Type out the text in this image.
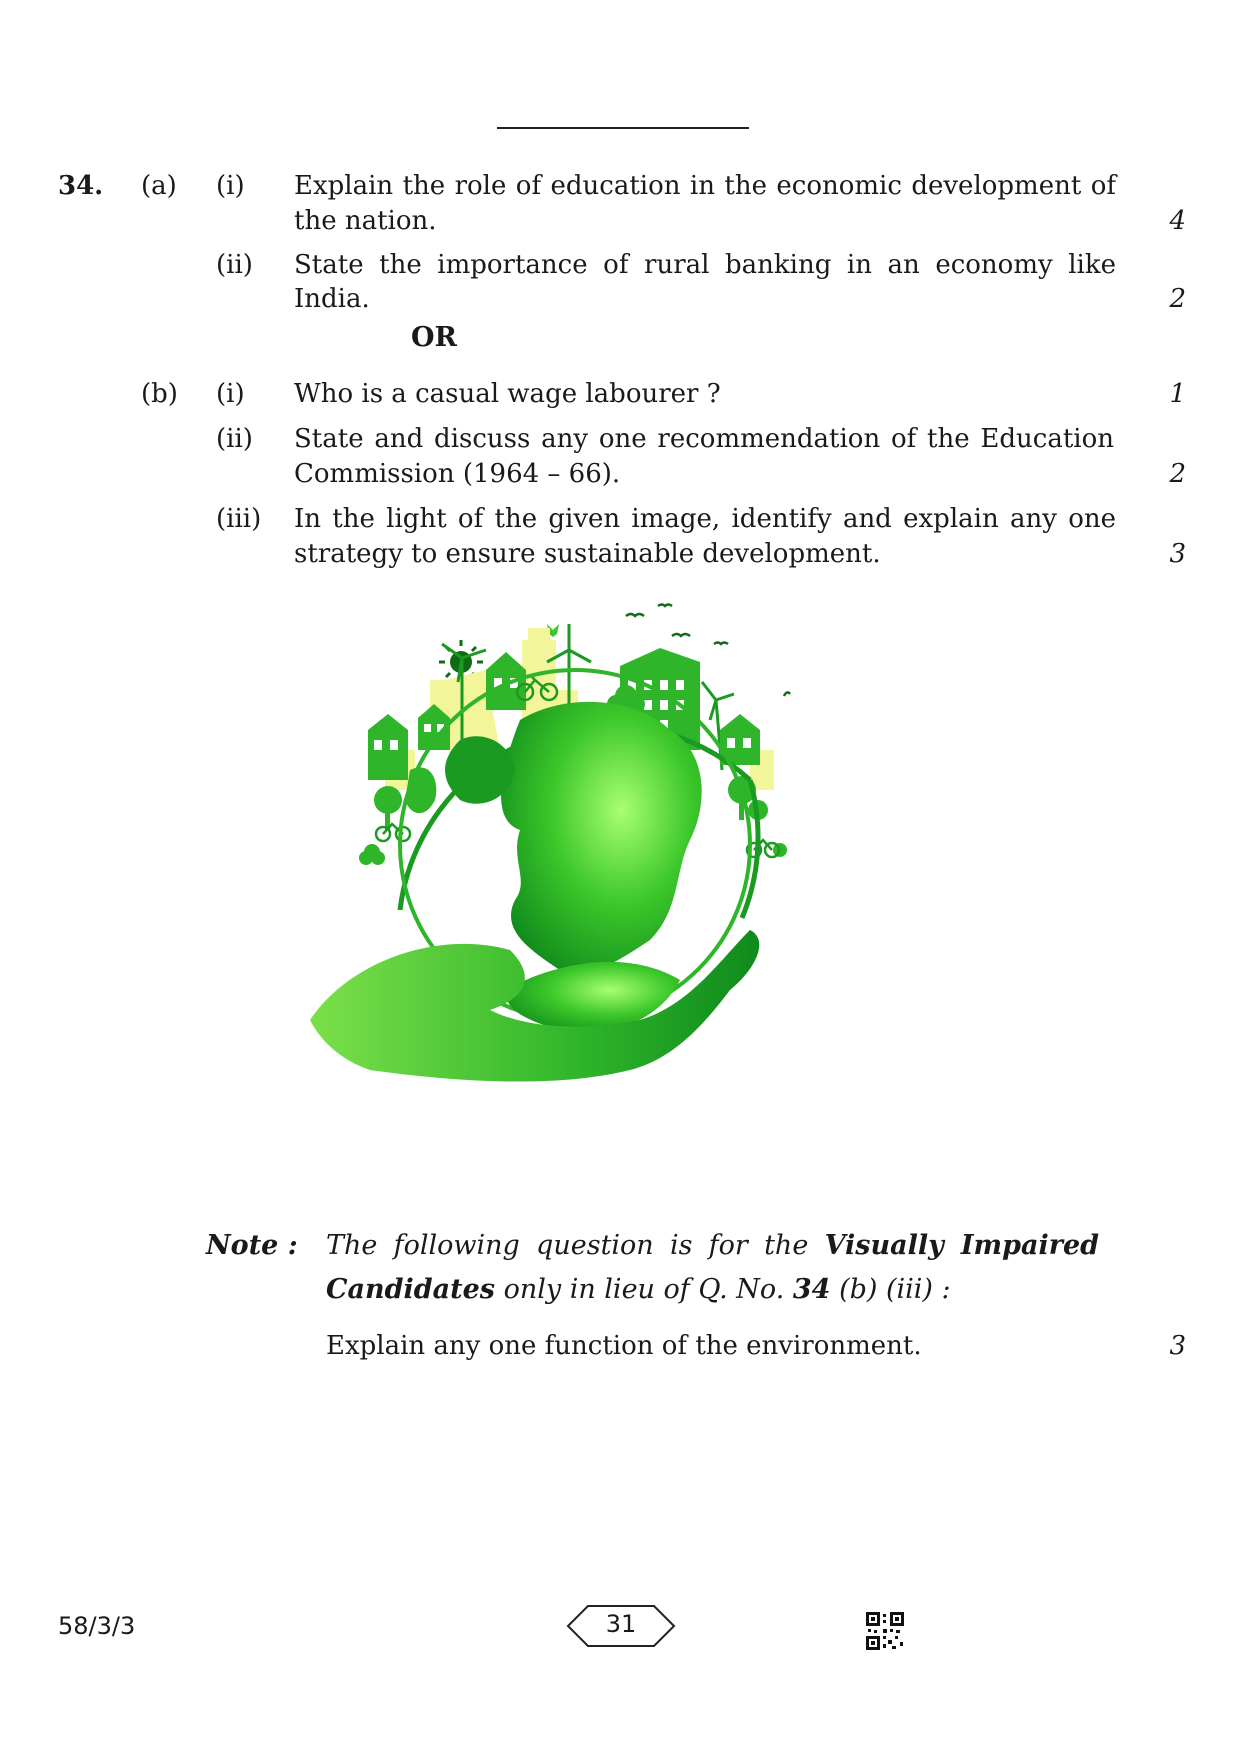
34. (a) (i) Explain the role of education in the economic development of
the nation.	4
(ii) State the importance of rural banking in an economy like
India.	2
OR
(b) (i) Who is a casual wage labourer ?	1
(ii) State and discuss any one recommendation of the Education
Commission (1964 – 66).	2
(iii) In the light of the given image, identify and explain any one
strategy to ensure sustainable development.	3
Note : The following question is for the Visually Impaired
Candidates only in lieu of Q. No. 34 (b) (iii) :
Explain any one function of the environment.	3
58/3/3	31
